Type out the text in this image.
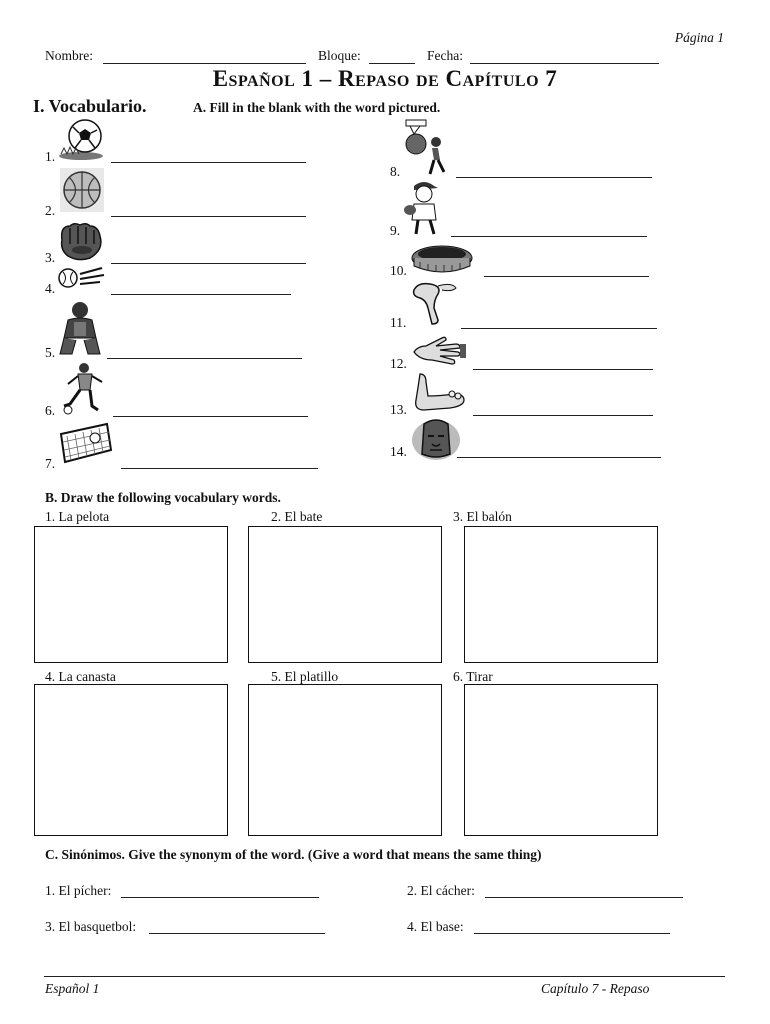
Página 1
Nombre:	Bloque:	Fecha:
Español 1 – Repaso de Capítulo 7
I. Vocabulario.	A. Fill in the blank with the word pictured.
1.
2.
3.
4.
5.
6.
7.
8.
9.
10.
11.
12.
13.
14.
B. Draw the following vocabulary words.
1. La pelota	2. El bate	3. El balón
4. La canasta	5. El platillo	6. Tirar
C. Sinónimos. Give the synonym of the word. (Give a word that means the same thing)
1. El pícher:	2. El cácher:
3. El basquetbol:	4. El base:
Español 1	Capítulo 7 - Repaso
